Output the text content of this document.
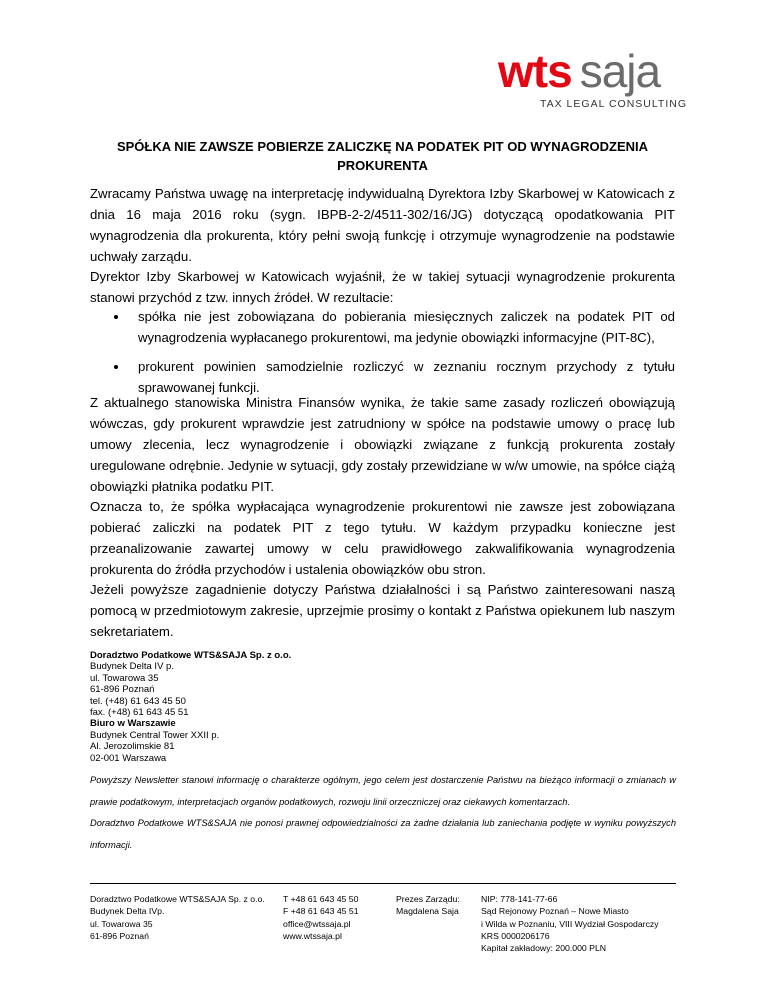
wts saja
TAX LEGAL CONSULTING
SPÓŁKA NIE ZAWSZE POBIERZE ZALICZKĘ NA PODATEK PIT OD WYNAGRODZENIA
PROKURENTA
Zwracamy Państwa uwagę na interpretację indywidualną Dyrektora Izby Skarbowej w Katowicach z dnia 16 maja 2016 roku (sygn. IBPB-2-2/4511-302/16/JG) dotyczącą opodatkowania PIT wynagrodzenia dla prokurenta, który pełni swoją funkcję i otrzymuje wynagrodzenie na podstawie uchwały zarządu.
Dyrektor Izby Skarbowej w Katowicach wyjaśnił, że w takiej sytuacji wynagrodzenie prokurenta stanowi przychód z tzw. innych źródeł. W rezultacie:
spółka nie jest zobowiązana do pobierania miesięcznych zaliczek na podatek PIT od wynagrodzenia wypłacanego prokurentowi, ma jedynie obowiązki informacyjne (PIT-8C),
prokurent powinien samodzielnie rozliczyć w zeznaniu rocznym przychody z tytułu sprawowanej funkcji.
Z aktualnego stanowiska Ministra Finansów wynika, że takie same zasady rozliczeń obowiązują wówczas, gdy prokurent wprawdzie jest zatrudniony w spółce na podstawie umowy o pracę lub umowy zlecenia, lecz wynagrodzenie i obowiązki związane z funkcją prokurenta zostały uregulowane odrębnie. Jedynie w sytuacji, gdy zostały przewidziane w w/w umowie, na spółce ciążą obowiązki płatnika podatku PIT.
Oznacza to, że spółka wypłacająca wynagrodzenie prokurentowi nie zawsze jest zobowiązana pobierać zaliczki na podatek PIT z tego tytułu. W każdym przypadku konieczne jest przeanalizowanie zawartej umowy w celu prawidłowego zakwalifikowania wynagrodzenia prokurenta do źródła przychodów i ustalenia obowiązków obu stron.
Jeżeli powyższe zagadnienie dotyczy Państwa działalności i są Państwo zainteresowani naszą pomocą w przedmiotowym zakresie, uprzejmie prosimy o kontakt z Państwa opiekunem lub naszym sekretariatem.
Doradztwo Podatkowe WTS&SAJA Sp. z o.o.
Budynek Delta IV p.
ul. Towarowa 35
61-896 Poznań
tel. (+48) 61 643 45 50
fax. (+48) 61 643 45 51
Biuro w Warszawie
Budynek Central Tower XXII p.
Al. Jerozolimskie 81
02-001 Warszawa
Powyższy Newsletter stanowi informację o charakterze ogólnym, jego celem jest dostarczenie Państwu na bieżąco informacji o zmianach w prawie podatkowym, interpretacjach organów podatkowych, rozwoju linii orzeczniczej oraz ciekawych komentarzach.
Doradztwo Podatkowe WTS&SAJA nie ponosi prawnej odpowiedzialności za żadne działania lub zaniechania podjęte w wyniku powyższych informacji.
Doradztwo Podatkowe WTS&SAJA Sp. z o.o.
Budynek Delta IVp.
ul. Towarowa 35
61-896 Poznań
T +48 61 643 45 50
F +48 61 643 45 51
office@wtssaja.pl
www.wtssaja.pl
Prezes Zarządu:
Magdalena Saja
NIP: 778-141-77-66
Sąd Rejonowy Poznań – Nowe Miasto
i Wilda w Poznaniu, VIII Wydział Gospodarczy
KRS 0000206176
Kapitał zakładowy: 200.000 PLN
